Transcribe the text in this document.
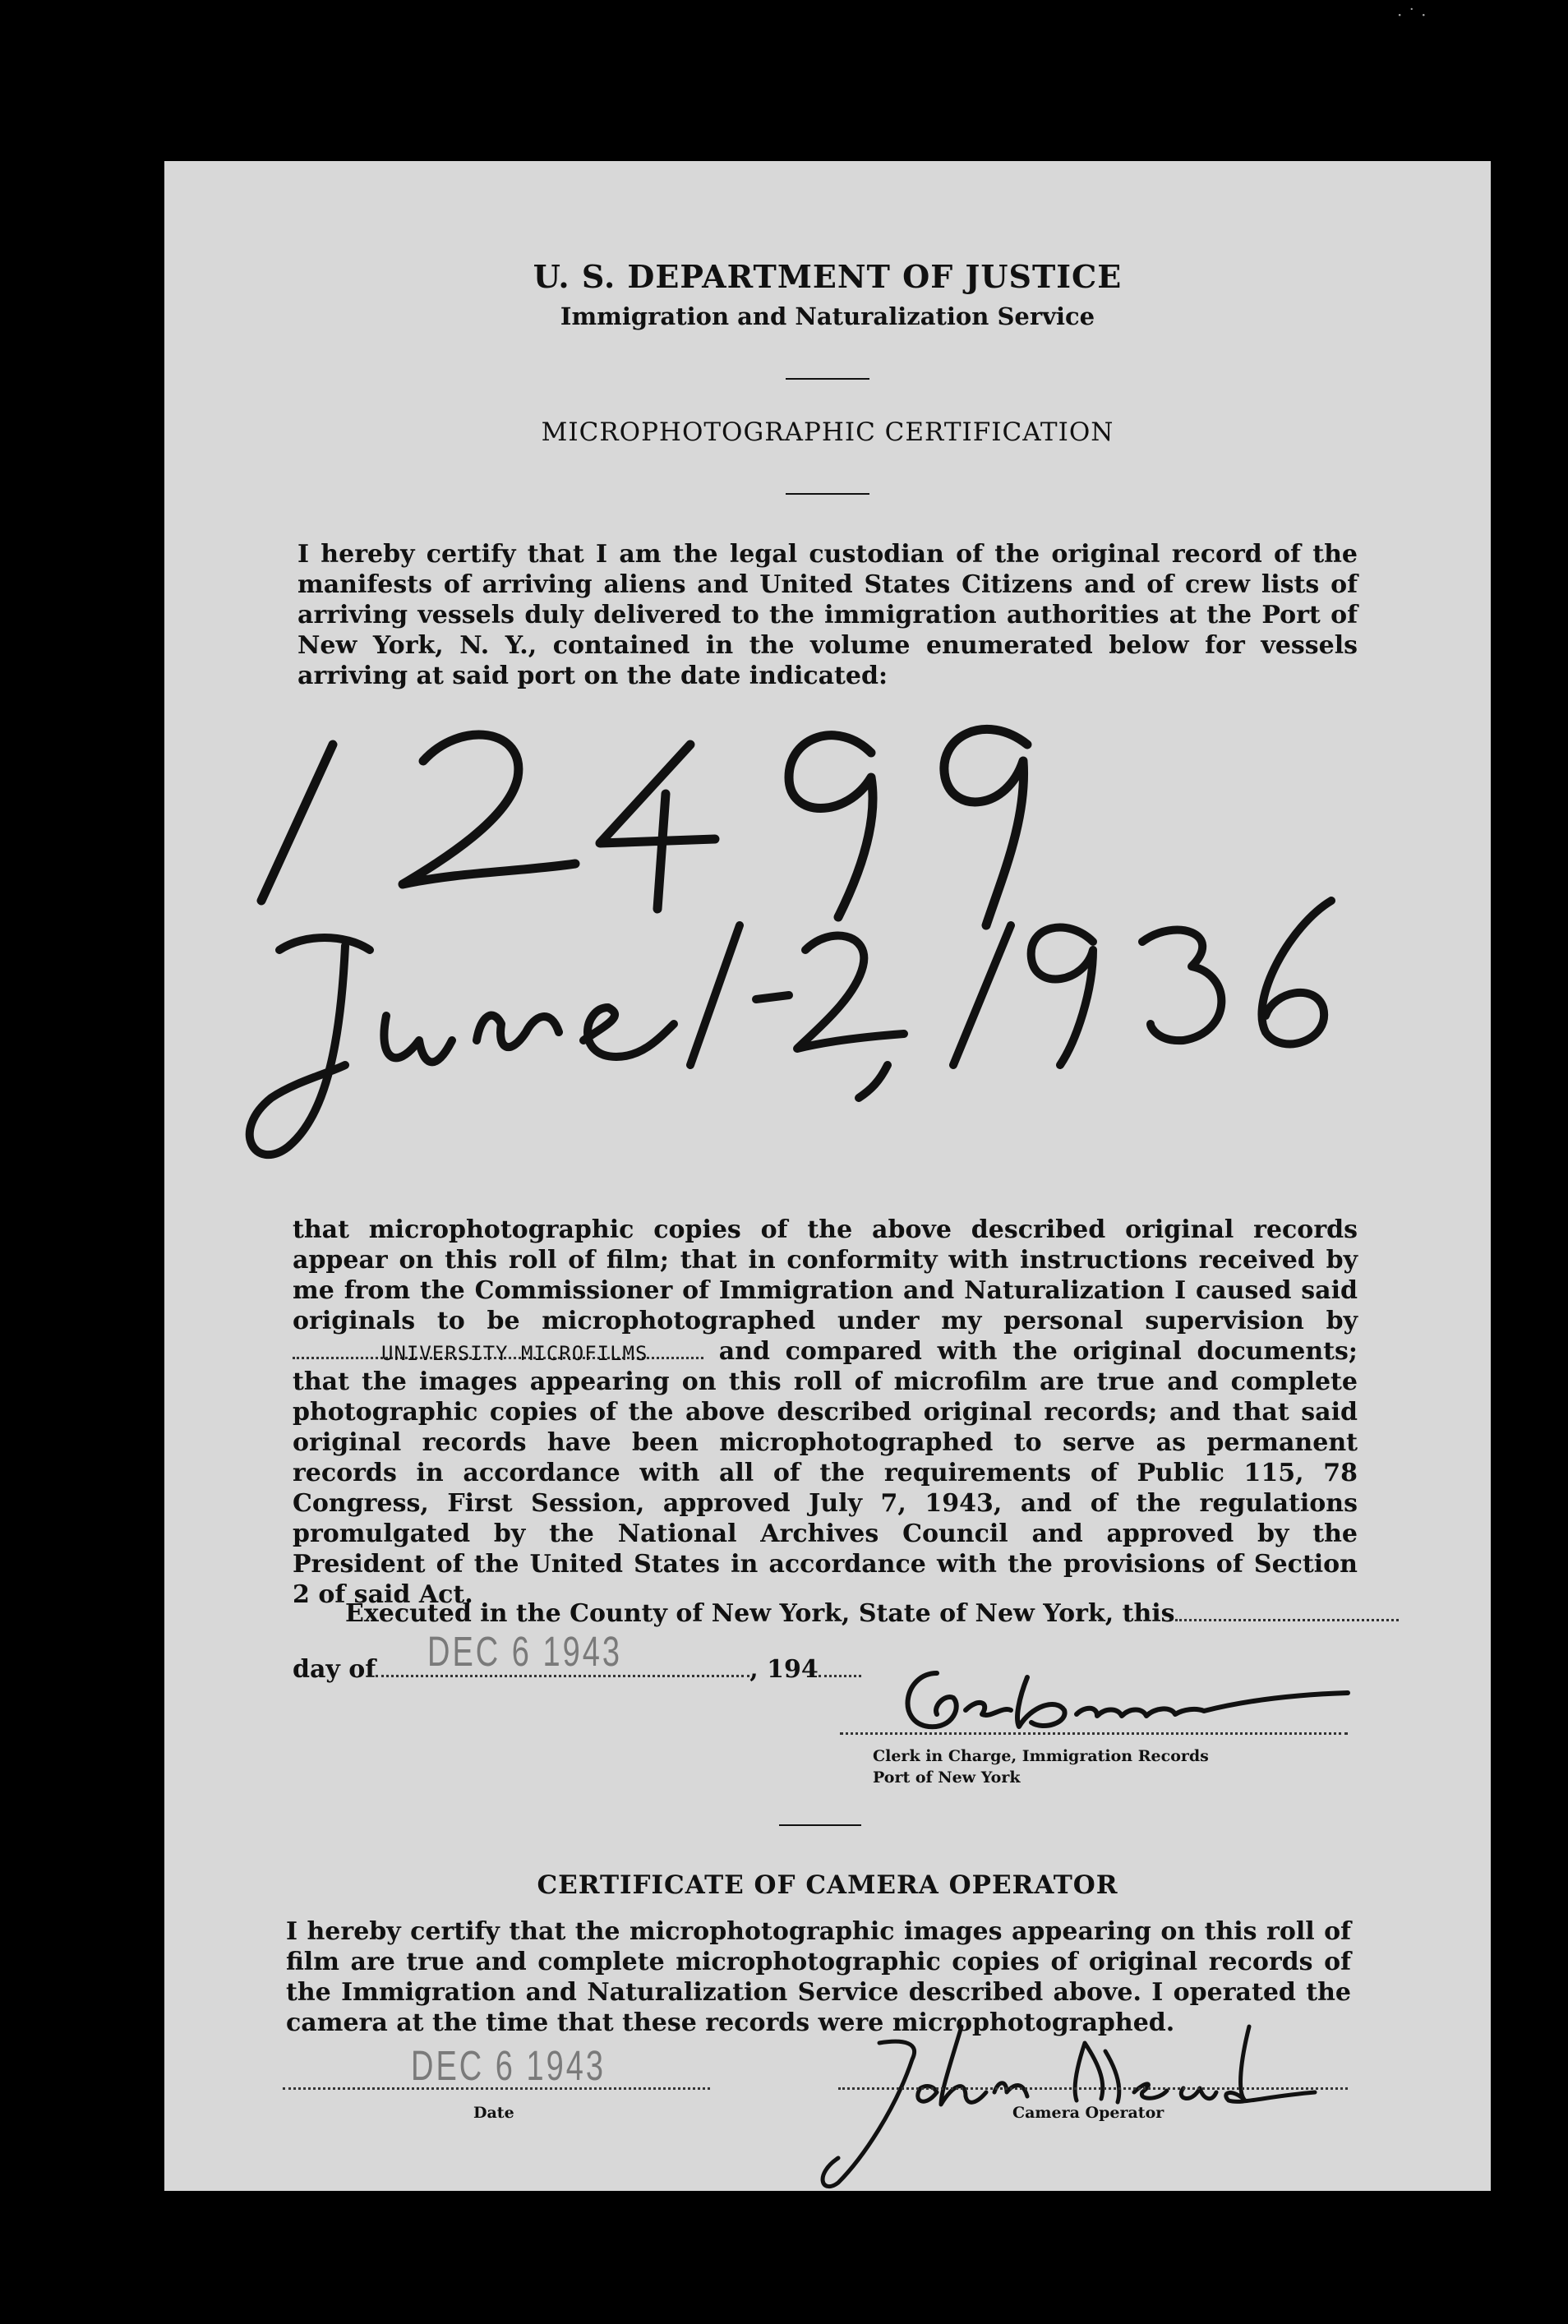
· ˙ ·
U. S. DEPARTMENT OF JUSTICE
Immigration and Naturalization Service
MICROPHOTOGRAPHIC CERTIFICATION

I hereby certify that I am the legal custodian of the original record of the manifests of arriving aliens and United States Citizens and of crew lists of arriving vessels duly delivered to the immigration authorities at the Port of New York, N. Y., contained in the volume enumerated below for vessels arriving at said port on the date indicated:

that microphotographic copies of the above described original records appear on this roll of film; that in conformity with instructions received by me from the Commissioner of Immigration and Naturalization I caused said originals to be microphotographed under my personal supervision by
UNIVERSITY MICROFILMS	and compared with the original documents; that the images appearing on this roll of microfilm are true and complete photographic copies of the above described original records; and that said original records have been microphotographed to serve as permanent records in accordance with all of the requirements of Public 115, 78 Congress, First Session, approved July 7, 1943, and of the regulations promulgated by the National Archives Council and approved by the President of the United States in accordance with the provisions of Section 2 of said Act.

Executed in the County of New York, State of New York, this
day of	, 194
DEC 6 1943
Clerk in Charge, Immigration Records
Port of New York
CERTIFICATE OF CAMERA OPERATOR

I hereby certify that the microphotographic images appearing on this roll of film are true and complete microphotographic copies of original records of the Immigration and Naturalization Service described above. I operated the camera at the time that these records were microphotographed.

DEC 6 1943
Date	Camera Operator
